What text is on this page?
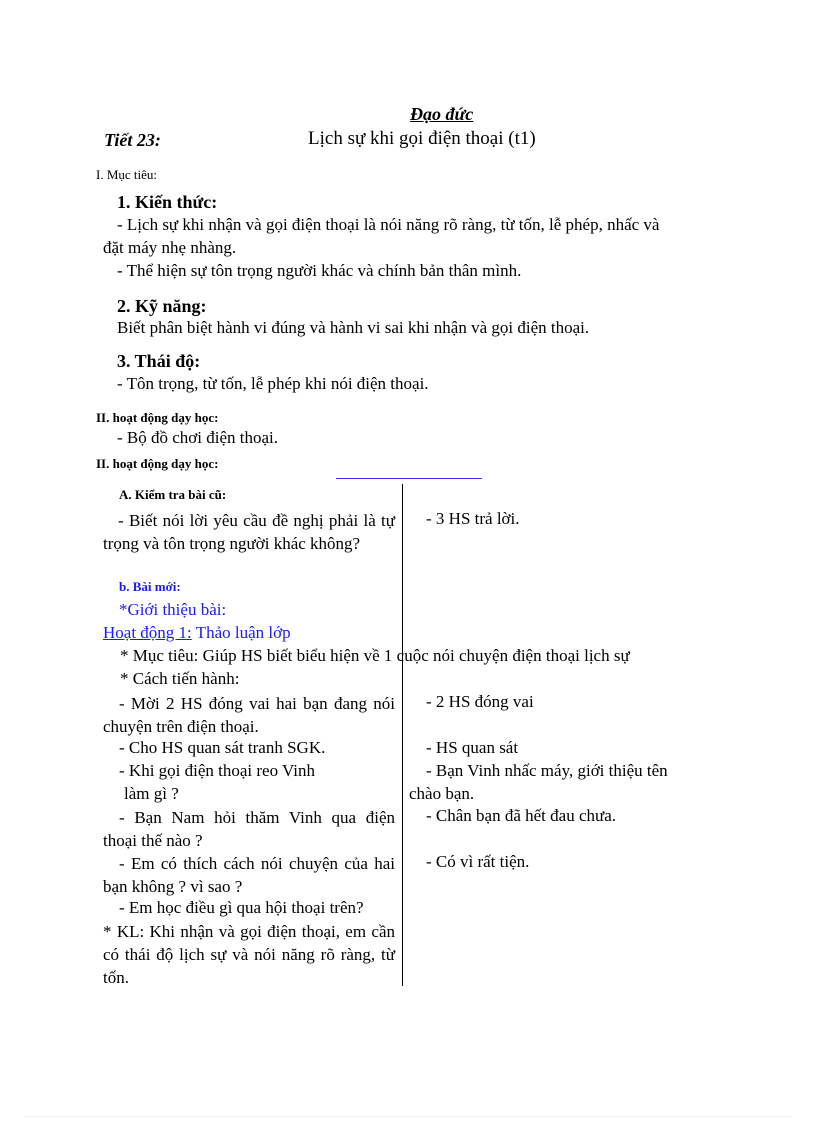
Đạo đức
Tiết 23:	Lịch sự khi gọi điện thoại (t1)
I. Mục tiêu:
1. Kiến thức:
- Lịch sự khi nhận và gọi điện thoại là nói năng rõ ràng, từ tốn, lễ phép, nhấc và
đặt máy nhẹ nhàng.
- Thể hiện sự tôn trọng người khác và chính bản thân mình.
2. Kỹ năng:
Biết phân biệt hành vi đúng và hành vi sai khi nhận và gọi điện thoại.
3. Thái độ:
- Tôn trọng, từ tốn, lễ phép khi nói điện thoại.
II. hoạt động dạy học:
- Bộ đồ chơi điện thoại.
II. hoạt động dạy học:
A. Kiểm tra bài cũ:
- Biết nói lời yêu cầu đề nghị phải là tự trọng và tôn trọng người khác không?
- 3 HS trả lời.
b. Bài mới:
*Giới thiệu bài:
Hoạt động 1: Thảo luận lớp
* Mục tiêu: Giúp HS biết biểu hiện về 1 cuộc nói chuyện điện thoại lịch sự
* Cách tiến hành:
- Mời 2 HS đóng vai hai bạn đang nói chuyện trên điện thoại.
- 2 HS đóng vai
- Cho HS quan sát tranh SGK.	- HS quan sát
- Khi gọi điện thoại reo Vinh
làm gì ?
- Bạn Vinh nhấc máy, giới thiệu tên
chào bạn.
- Bạn Nam hỏi thăm Vinh qua điện thoại thế nào ?
- Chân bạn đã hết đau chưa.
- Em có thích cách nói chuyện của hai bạn không ? vì sao ?
- Có vì rất tiện.
- Em học điều gì qua hội thoại trên?
* KL: Khi nhận và gọi điện thoại, em cần có thái độ lịch sự và nói năng rõ ràng, từ tốn.
